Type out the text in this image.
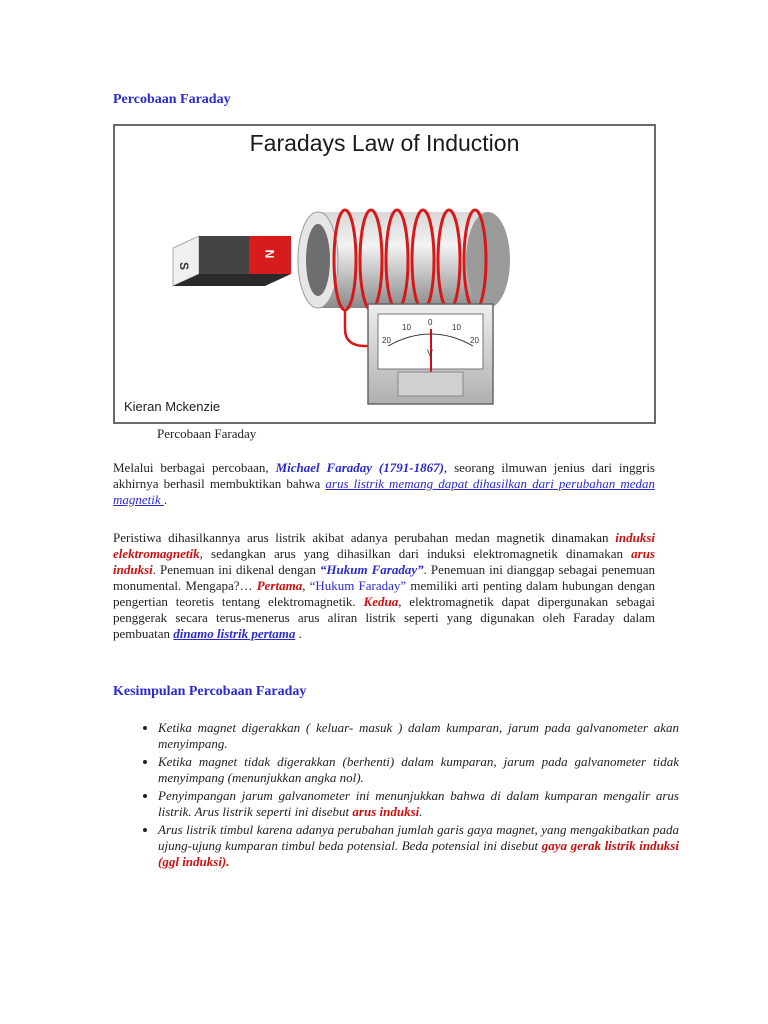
Percobaan Faraday
Faradays Law of Induction
S
N
20
10
0
10
20
V
Kieran Mckenzie
Percobaan Faraday

Melalui berbagai percobaan, Michael Faraday (1791-1867), seorang ilmuwan jenius dari inggris akhirnya berhasil membuktikan bahwa arus listrik memang dapat dihasilkan dari perubahan medan magnetik .

Peristiwa dihasilkannya arus listrik akibat adanya perubahan medan magnetik dinamakan induksi elektromagnetik, sedangkan arus yang dihasilkan dari induksi elektromagnetik dinamakan arus induksi. Penemuan ini dikenal dengan “Hukum Faraday”. Penemuan ini dianggap sebagai penemuan monumental. Mengapa?… Pertama, “Hukum Faraday” memiliki arti penting dalam hubungan dengan pengertian teoretis tentang elektromagnetik. Kedua, elektromagnetik dapat dipergunakan sebagai penggerak secara terus-menerus arus aliran listrik seperti yang digunakan oleh Faraday dalam pembuatan dinamo listrik pertama .

Kesimpulan Percobaan Faraday
• Ketika magnet digerakkan ( keluar- masuk ) dalam kumparan, jarum pada galvanometer akan menyimpang.
• Ketika magnet tidak digerakkan (berhenti) dalam kumparan, jarum pada galvanometer tidak menyimpang (menunjukkan angka nol).
• Penyimpangan jarum galvanometer ini menunjukkan bahwa di dalam kumparan mengalir arus listrik. Arus listrik seperti ini disebut arus induksi.
• Arus listrik timbul karena adanya perubahan jumlah garis gaya magnet, yang mengakibatkan pada ujung-ujung kumparan timbul beda potensial. Beda potensial ini disebut gaya gerak listrik induksi (ggl induksi).
